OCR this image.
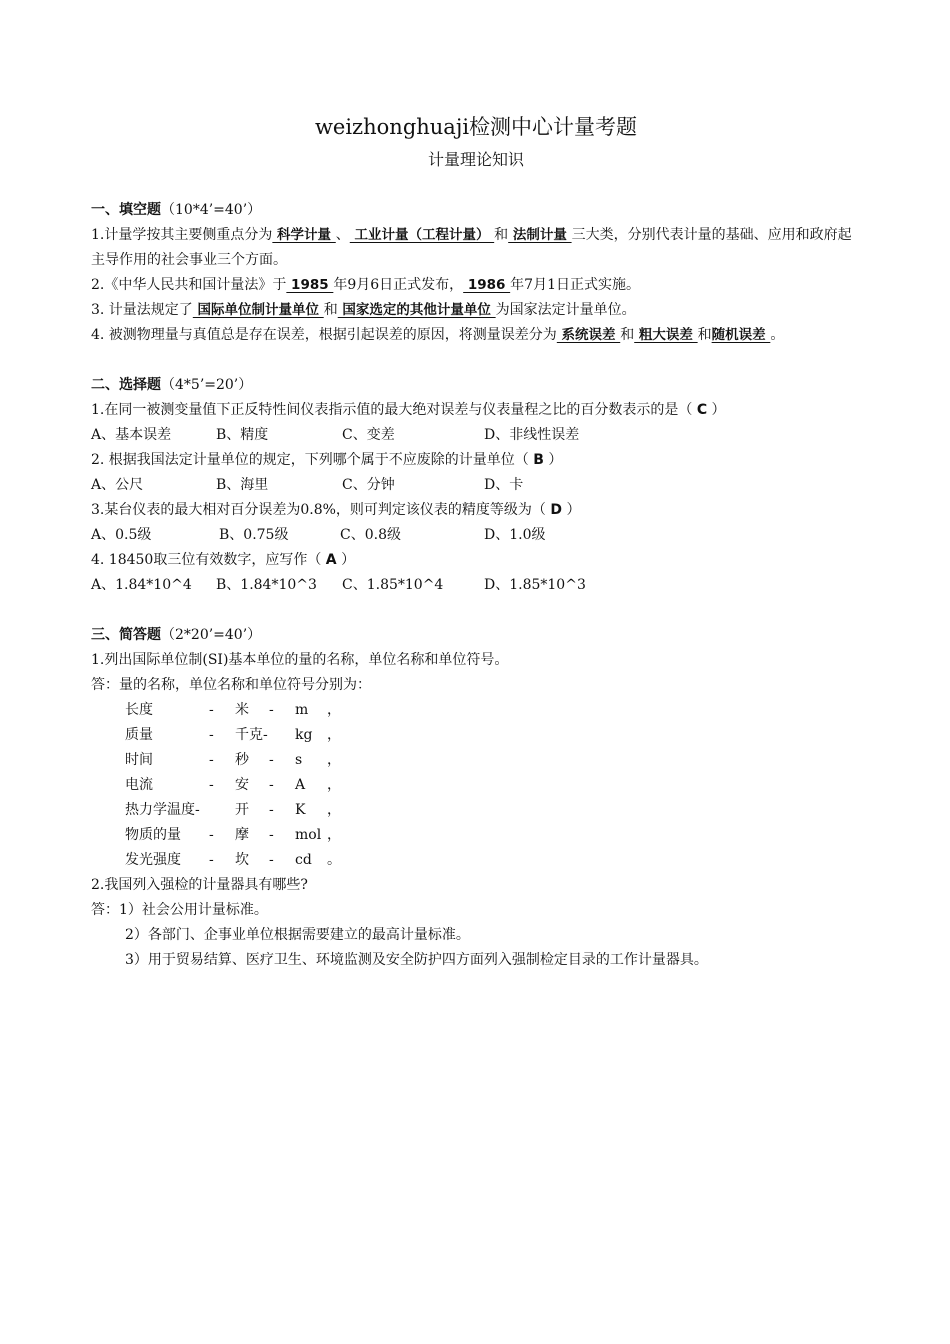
weizhonghuaji检测中心计量考题
计量理论知识

一、填空题（10*4’=40’）

1.计量学按其主要侧重点分为 科学计量 、 工业计量（工程计量） 和 法制计量 三大类，分别代表计量的基础、应用和政府起主导作用的社会事业三个方面。

2.《中华人民共和国计量法》于 1985 年9月6日正式发布， 1986 年7月1日正式实施。

3. 计量法规定了 国际单位制计量单位 和 国家选定的其他计量单位 为国家法定计量单位。

4. 被测物理量与真值总是存在误差，根据引起误差的原因，将测量误差分为 系统误差 和 粗大误差 和随机误差 。

二、选择题（4*5’=20’）

1.在同一被测变量值下正反特性间仪表指示值的最大绝对误差与仪表量程之比的百分数表示的是（ C ）

A、基本误差	B、精度	C、变差	D、非线性误差

2. 根据我国法定计量单位的规定，下列哪个属于不应废除的计量单位（ B ）

A、公尺	B、海里	C、分钟	D、卡

3.某台仪表的最大相对百分误差为0.8%，则可判定该仪表的精度等级为（ D ）

A、0.5级	B、0.75级	C、0.8级	D、1.0级

4. 18450取三位有效数字，应写作（ A ）

A、1.84*10^4	B、1.84*10^3	C、1.85*10^4	D、1.85*10^3

三、简答题（2*20’=40’）

1.列出国际单位制(SI)基本单位的量的名称，单位名称和单位符号。

答：量的名称，单位名称和单位符号分别为：

长度	-	米	-	m	，
质量	-	千克-	kg	，
时间	-	秒	-	s	，
电流	-	安	-	A	，
热力学温度-	开	-	K	，
物质的量	-	摩	-	mol ，
发光强度	-	坎	-	cd	。

2.我国列入强检的计量器具有哪些?

答：1）社会公用计量标准。

2）各部门、企事业单位根据需要建立的最高计量标准。

3）用于贸易结算、医疗卫生、环境监测及安全防护四方面列入强制检定目录的工作计量器具。
